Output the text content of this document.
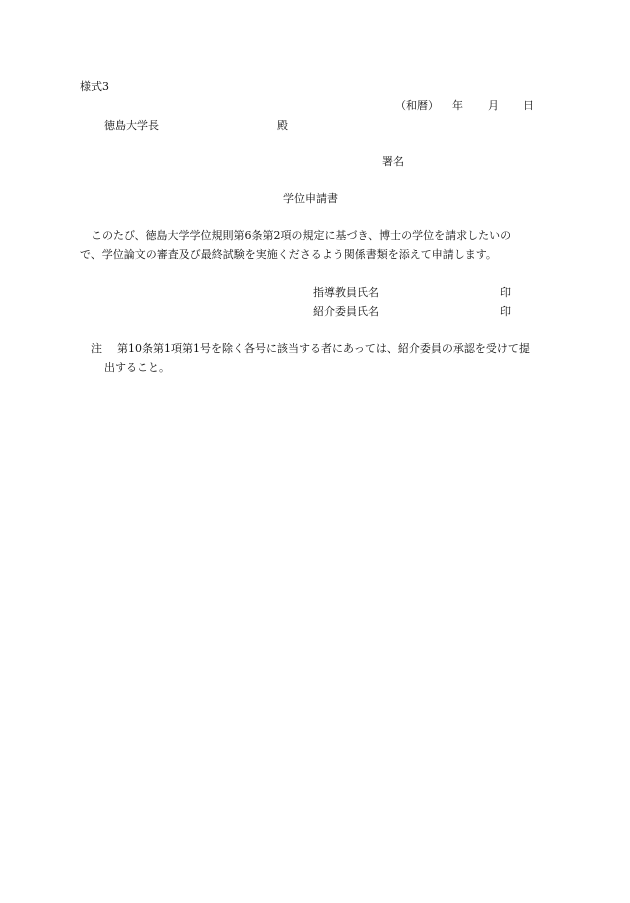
様式3
（和暦） 年 月 日
徳島大学長	殿
署名
学位申請書
このたび、徳島大学学位規則第6条第2項の規定に基づき、博士の学位を請求したいの
で、学位論文の審査及び最終試験を実施くださるよう関係書類を添えて申請します。
指導教員氏名	印
紹介委員氏名	印
注 第10条第1項第1号を除く各号に該当する者にあっては、紹介委員の承認を受けて提
出すること。
